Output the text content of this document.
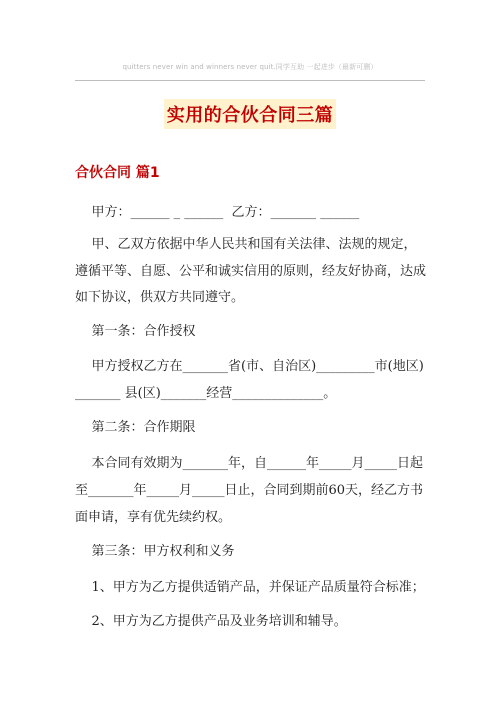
quitters never win and winners never quit.同学互助 一起进步（最新可删）
实用的合伙合同三篇
合伙合同 篇1
甲方：______ _ ______  乙方：_______ ______
甲、乙双方依据中华人民共和国有关法律、法规的规定，
遵循平等、自愿、公平和诚实信用的原则，经友好协商，达成
如下协议，供双方共同遵守。
第一条：合作授权
甲方授权乙方在_______省(市、自治区)_________市(地区)
_______ 县(区)_______经营______________。
第二条：合作期限
本合同有效期为_______年，自______年_____月_____日起
至_______年_____月_____日止，合同到期前60天，经乙方书
面申请，享有优先续约权。
第三条：甲方权利和义务
1、甲方为乙方提供适销产品，并保证产品质量符合标准；
2、甲方为乙方提供产品及业务培训和辅导。
